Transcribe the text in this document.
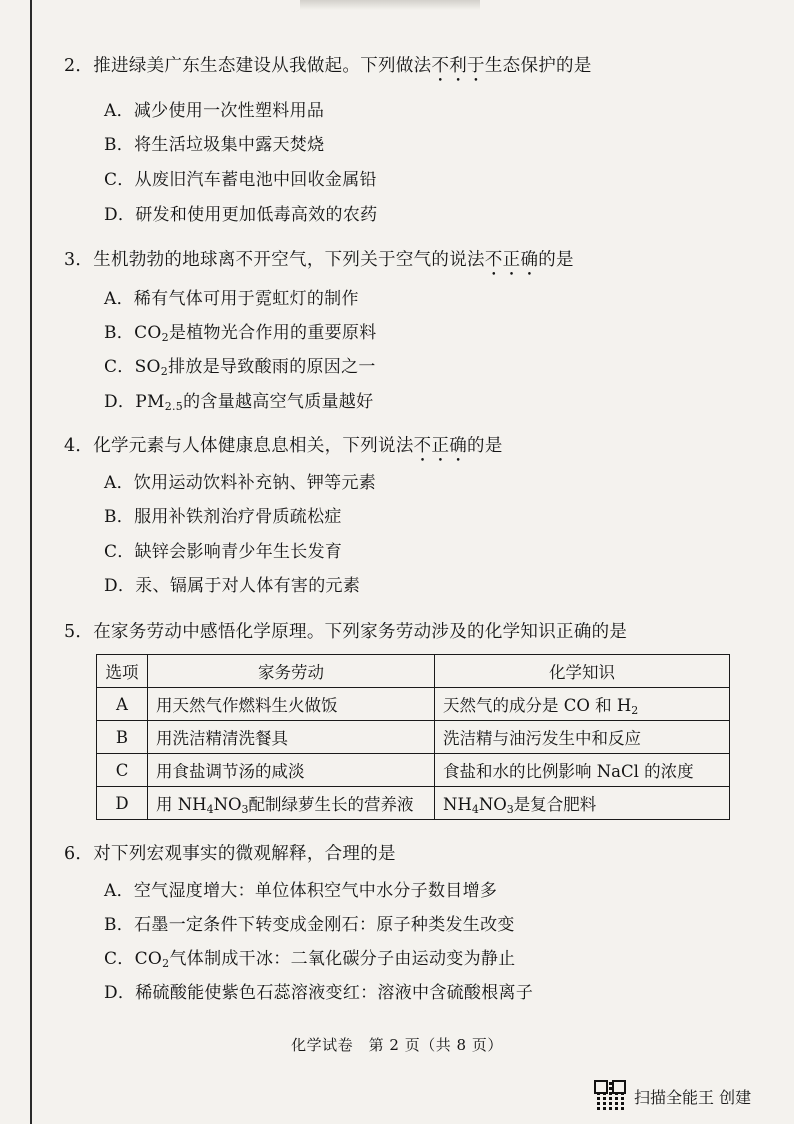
2．推进绿美广东生态建设从我做起。下列做法不利于生态保护的是
A．减少使用一次性塑料用品
B．将生活垃圾集中露天焚烧
C．从废旧汽车蓄电池中回收金属铅
D．研发和使用更加低毒高效的农药
3．生机勃勃的地球离不开空气，下列关于空气的说法不正确的是
A．稀有气体可用于霓虹灯的制作
B．$CO_2$是植物光合作用的重要原料
C．$SO_2$排放是导致酸雨的原因之一
D．$PM_{2.5}$的含量越高空气质量越好
4．化学元素与人体健康息息相关，下列说法不正确的是
A．饮用运动饮料补充钠、钾等元素
B．服用补铁剂治疗骨质疏松症
C．缺锌会影响青少年生长发育
D．汞、镉属于对人体有害的元素
5．在家务劳动中感悟化学原理。下列家务劳动涉及的化学知识正确的是
选项	家务劳动	化学知识
A	用天然气作燃料生火做饭	天然气的成分是 CO 和 $H_2$
B	用洗洁精清洗餐具	洗洁精与油污发生中和反应
C	用食盐调节汤的咸淡	食盐和水的比例影响 NaCl 的浓度
D	用 $NH_4NO_3$配制绿萝生长的营养液	$NH_4NO_3$是复合肥料
6．对下列宏观事实的微观解释，合理的是
A．空气湿度增大：单位体积空气中水分子数目增多
B．石墨一定条件下转变成金刚石：原子种类发生改变
C．$CO_2$气体制成干冰：二氧化碳分子由运动变为静止
D．稀硫酸能使紫色石蕊溶液变红：溶液中含硫酸根离子
化学试卷　第 2 页（共 8 页）
扫描全能王 创建
